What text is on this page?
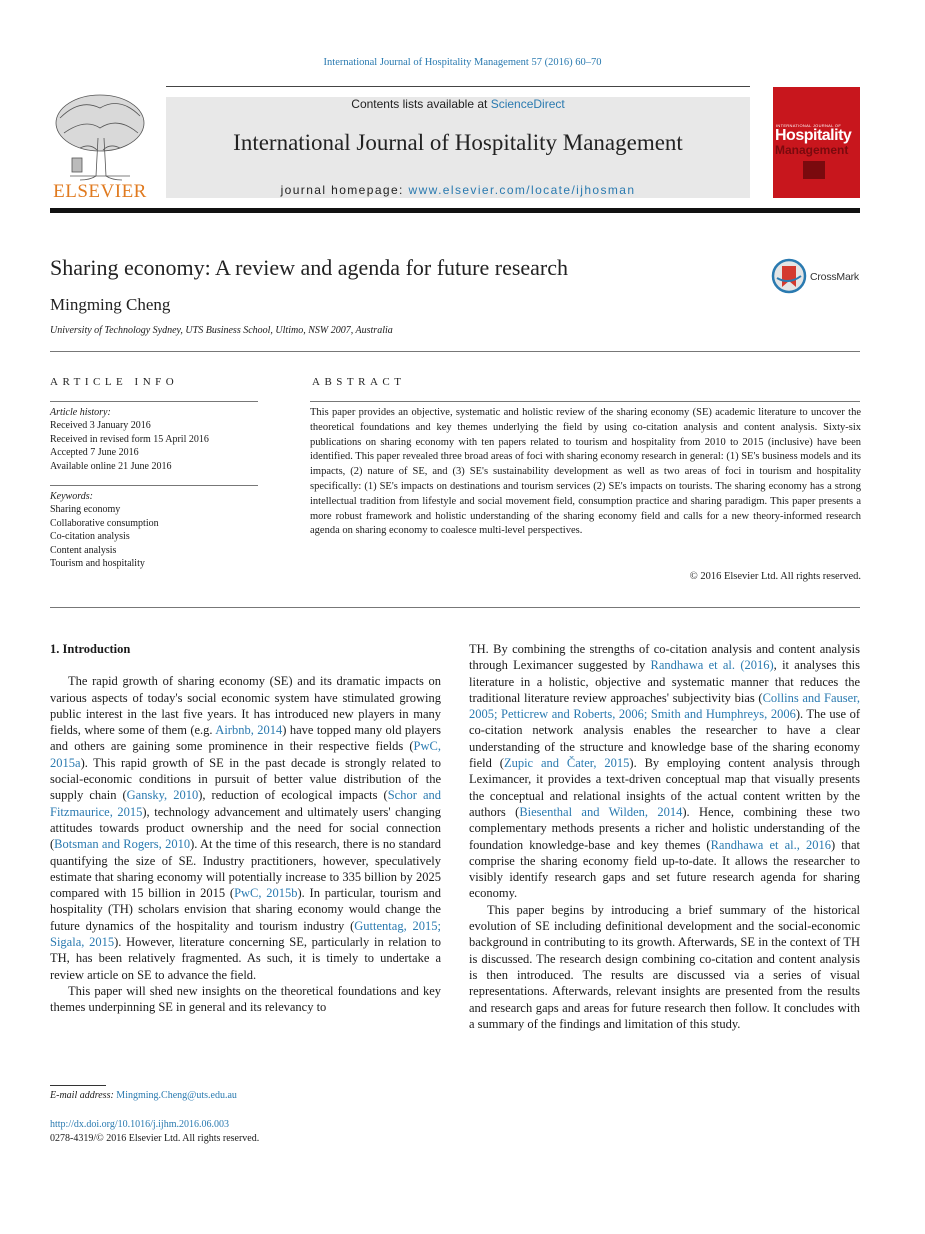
International Journal of Hospitality Management 57 (2016) 60–70
ELSEVIER
Contents lists available at ScienceDirect
International Journal of Hospitality Management
journal homepage: www.elsevier.com/locate/ijhosman
INTERNATIONAL JOURNAL OF
Hospitality
Management
Sharing economy: A review and agenda for future research
Mingming Cheng
University of Technology Sydney, UTS Business School, Ultimo, NSW 2007, Australia
CrossMark
ARTICLE INFO	ABSTRACT
Article history:
Received 3 January 2016
Received in revised form 15 April 2016
Accepted 7 June 2016
Available online 21 June 2016
Keywords:
Sharing economy
Collaborative consumption
Co-citation analysis
Content analysis
Tourism and hospitality
This paper provides an objective, systematic and holistic review of the sharing economy (SE) academic literature to uncover the theoretical foundations and key themes underlying the field by using co-citation analysis and content analysis. Sixty-six publications on sharing economy with ten papers related to tourism and hospitality from 2010 to 2015 (inclusive) have been identified. This paper revealed three broad areas of foci with sharing economy research in general: (1) SE's business models and its impacts, (2) nature of SE, and (3) SE's sustainability development as well as two areas of foci in tourism and hospitality specifically: (1) SE's impacts on destinations and tourism services (2) SE's impacts on tourists. The sharing economy has a strong intellectual tradition from lifestyle and social movement field, consumption practice and sharing paradigm. This paper presents a more robust framework and holistic understanding of the sharing economy field and calls for a new theory-informed research agenda on sharing economy to coalesce multi-level perspectives.
© 2016 Elsevier Ltd. All rights reserved.

1. Introduction

The rapid growth of sharing economy (SE) and its dramatic impacts on various aspects of today's social economic system have stimulated growing public interest in the last five years. It has introduced new players in many fields, where some of them (e.g. Airbnb, 2014) have topped many old players and others are gaining some prominence in their respective fields (PwC, 2015a). This rapid growth of SE in the past decade is strongly related to social-economic conditions in pursuit of better value distribution of the supply chain (Gansky, 2010), reduction of ecological impacts (Schor and Fitzmaurice, 2015), technology advancement and ultimately users' changing attitudes towards product ownership and the need for social connection (Botsman and Rogers, 2010). At the time of this research, there is no standard quantifying the size of SE. Industry practitioners, however, speculatively estimate that sharing economy will potentially increase to 335 billion by 2025 compared with 15 billion in 2015 (PwC, 2015b). In particular, tourism and hospitality (TH) scholars envision that sharing economy would change the future dynamics of the hospitality and tourism industry (Guttentag, 2015; Sigala, 2015). However, literature concerning SE, particularly in relation to TH, has been relatively fragmented. As such, it is timely to undertake a review article on SE to advance the field.

This paper will shed new insights on the theoretical foundations and key themes underpinning SE in general and its relevancy to

TH. By combining the strengths of co-citation analysis and content analysis through Leximancer suggested by Randhawa et al. (2016), it analyses this literature in a holistic, objective and systematic manner that reduces the traditional literature review approaches' subjectivity bias (Collins and Fauser, 2005; Petticrew and Roberts, 2006; Smith and Humphreys, 2006). The use of co-citation network analysis enables the researcher to have a clear understanding of the structure and knowledge base of the sharing economy field (Zupic and Čater, 2015). By employing content analysis through Leximancer, it provides a text-driven conceptual map that visually presents the conceptual and relational insights of the actual content written by the authors (Biesenthal and Wilden, 2014). Hence, combining these two complementary methods presents a richer and holistic understanding of the foundation knowledge-base and key themes (Randhawa et al., 2016) that comprise the sharing economy field up-to-date. It allows the researcher to visibly identify research gaps and set future research agenda for sharing economy.

This paper begins by introducing a brief summary of the historical evolution of SE including definitional development and the social-economic background in contributing to its growth. Afterwards, SE in the context of TH is discussed. The research design combining co-citation and content analysis is then introduced. The results are discussed via a series of visual representations. Afterwards, relevant insights are presented from the results and research gaps and areas for future research then follow. It concludes with a summary of the findings and limitation of this study.

E-mail address: Mingming.Cheng@uts.edu.au
http://dx.doi.org/10.1016/j.ijhm.2016.06.003
0278-4319/© 2016 Elsevier Ltd. All rights reserved.
